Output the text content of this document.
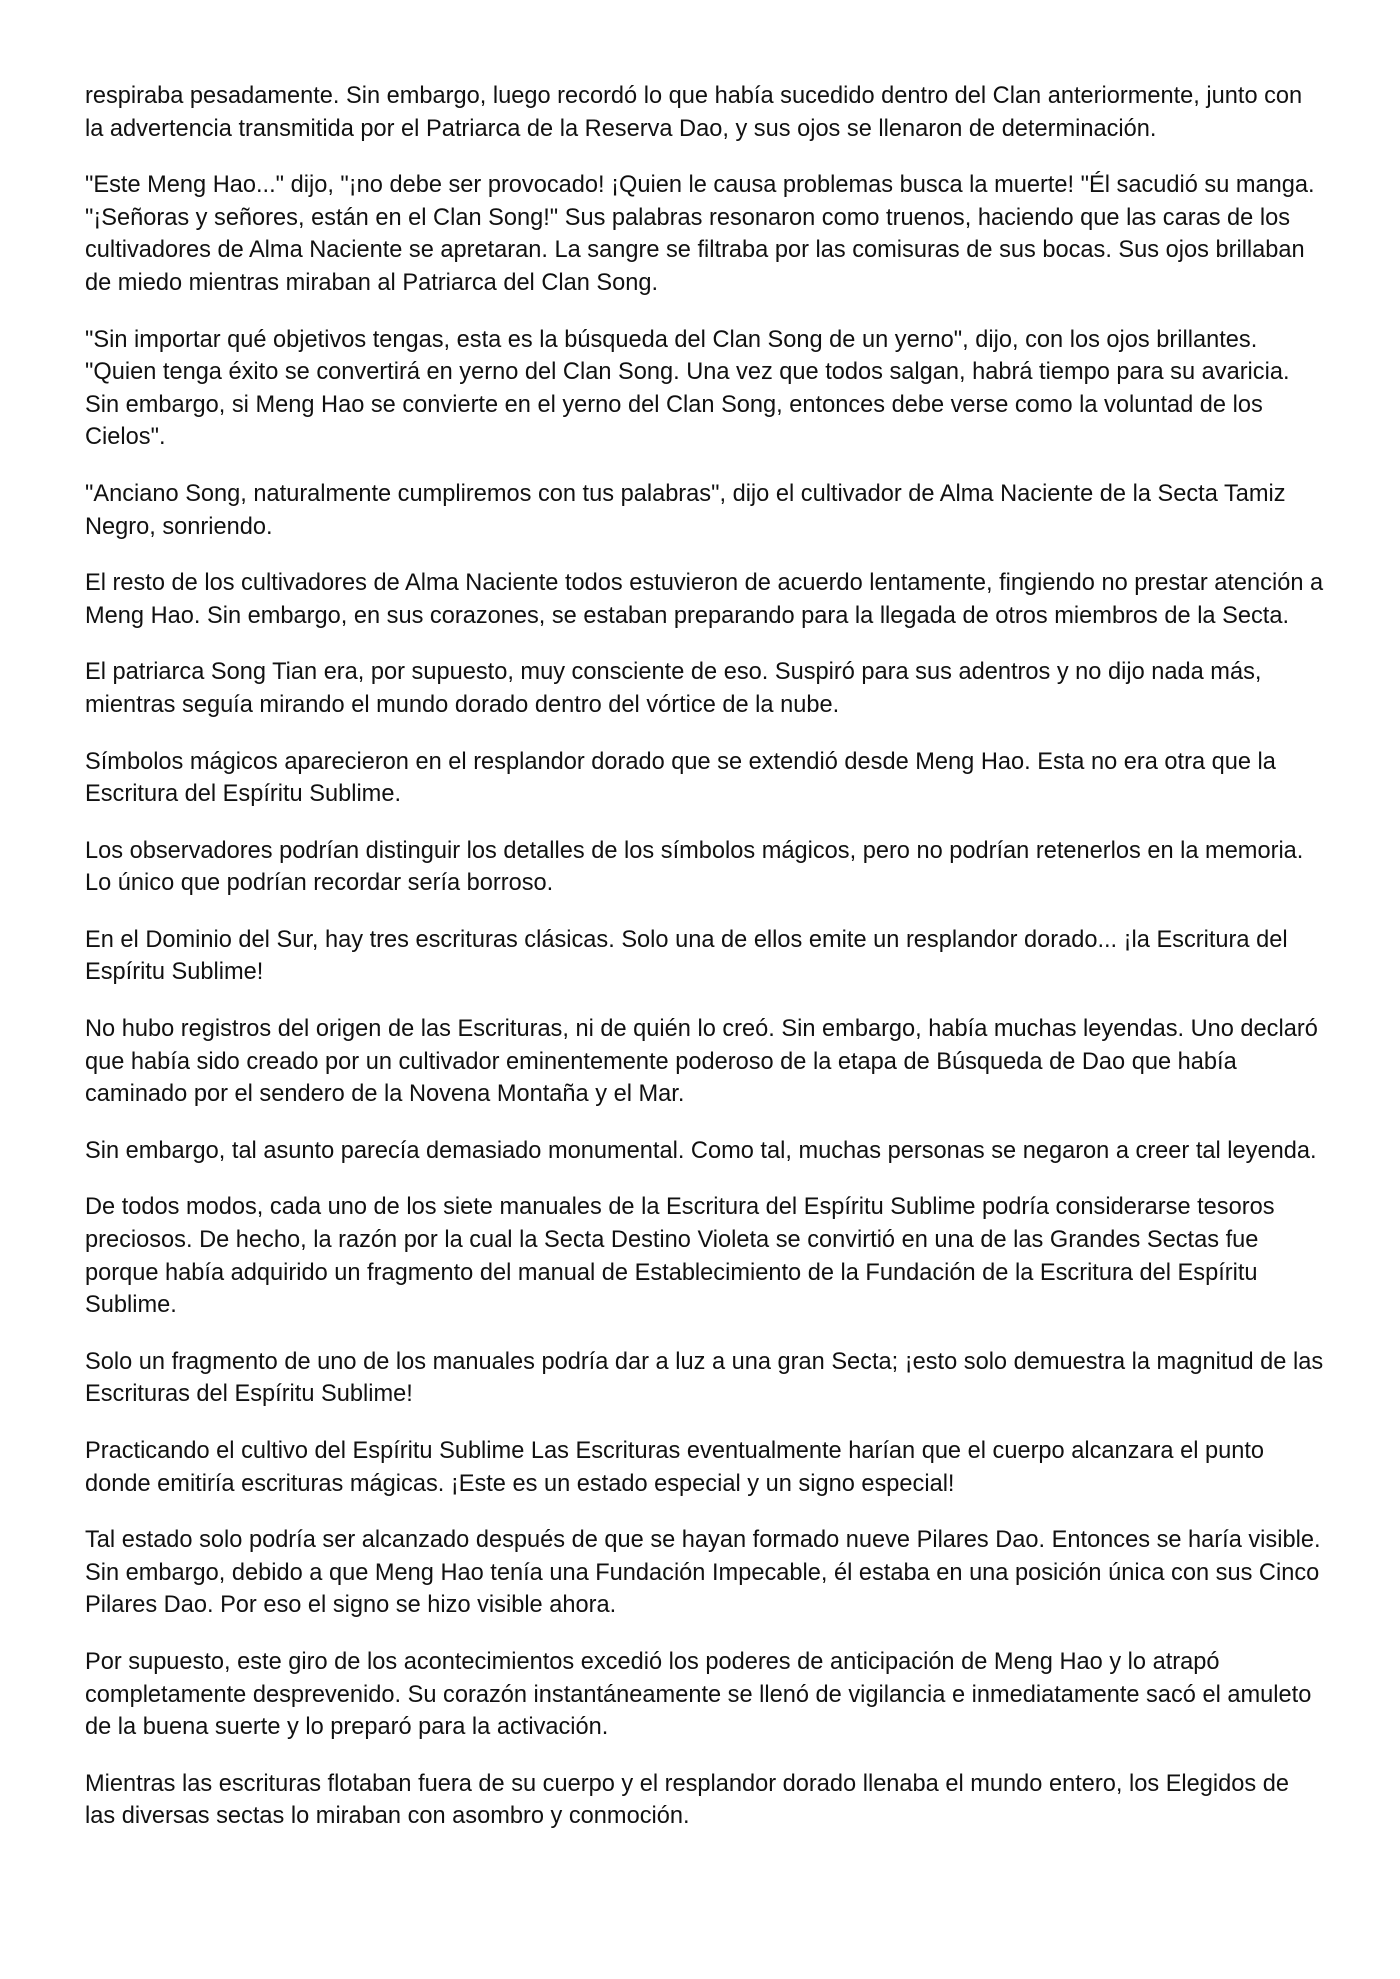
respiraba pesadamente. Sin embargo, luego recordó lo que había sucedido dentro del Clan anteriormente, junto con la advertencia transmitida por el Patriarca de la Reserva Dao, y sus ojos se llenaron de determinación.

"Este Meng Hao..." dijo, "¡no debe ser provocado! ¡Quien le causa problemas busca la muerte! "Él sacudió su manga. "¡Señoras y señores, están en el Clan Song!" Sus palabras resonaron como truenos, haciendo que las caras de los cultivadores de Alma Naciente se apretaran. La sangre se filtraba por las comisuras de sus bocas. Sus ojos brillaban de miedo mientras miraban al Patriarca del Clan Song.

"Sin importar qué objetivos tengas, esta es la búsqueda del Clan Song de un yerno", dijo, con los ojos brillantes. "Quien tenga éxito se convertirá en yerno del Clan Song. Una vez que todos salgan, habrá tiempo para su avaricia. Sin embargo, si Meng Hao se convierte en el yerno del Clan Song, entonces debe verse como la voluntad de los Cielos".

"Anciano Song, naturalmente cumpliremos con tus palabras", dijo el cultivador de Alma Naciente de la Secta Tamiz Negro, sonriendo.

El resto de los cultivadores de Alma Naciente todos estuvieron de acuerdo lentamente, fingiendo no prestar atención a Meng Hao. Sin embargo, en sus corazones, se estaban preparando para la llegada de otros miembros de la Secta.

El patriarca Song Tian era, por supuesto, muy consciente de eso. Suspiró para sus adentros y no dijo nada más, mientras seguía mirando el mundo dorado dentro del vórtice de la nube.

Símbolos mágicos aparecieron en el resplandor dorado que se extendió desde Meng Hao. Esta no era otra que la Escritura del Espíritu Sublime.

Los observadores podrían distinguir los detalles de los símbolos mágicos, pero no podrían retenerlos en la memoria. Lo único que podrían recordar sería borroso.

En el Dominio del Sur, hay tres escrituras clásicas. Solo una de ellos emite un resplandor dorado... ¡la Escritura del Espíritu Sublime!

No hubo registros del origen de las Escrituras, ni de quién lo creó. Sin embargo, había muchas leyendas. Uno declaró que había sido creado por un cultivador eminentemente poderoso de la etapa de Búsqueda de Dao que había caminado por el sendero de la Novena Montaña y el Mar.

Sin embargo, tal asunto parecía demasiado monumental. Como tal, muchas personas se negaron a creer tal leyenda.

De todos modos, cada uno de los siete manuales de la Escritura del Espíritu Sublime podría considerarse tesoros preciosos. De hecho, la razón por la cual la Secta Destino Violeta se convirtió en una de las Grandes Sectas fue porque había adquirido un fragmento del manual de Establecimiento de la Fundación de la Escritura del Espíritu Sublime.

Solo un fragmento de uno de los manuales podría dar a luz a una gran Secta; ¡esto solo demuestra la magnitud de las Escrituras del Espíritu Sublime!

Practicando el cultivo del Espíritu Sublime Las Escrituras eventualmente harían que el cuerpo alcanzara el punto donde emitiría escrituras mágicas. ¡Este es un estado especial y un signo especial!

Tal estado solo podría ser alcanzado después de que se hayan formado nueve Pilares Dao. Entonces se haría visible. Sin embargo, debido a que Meng Hao tenía una Fundación Impecable, él estaba en una posición única con sus Cinco Pilares Dao. Por eso el signo se hizo visible ahora.

Por supuesto, este giro de los acontecimientos excedió los poderes de anticipación de Meng Hao y lo atrapó completamente desprevenido. Su corazón instantáneamente se llenó de vigilancia e inmediatamente sacó el amuleto de la buena suerte y lo preparó para la activación.

Mientras las escrituras flotaban fuera de su cuerpo y el resplandor dorado llenaba el mundo entero, los Elegidos de las diversas sectas lo miraban con asombro y conmoción.
